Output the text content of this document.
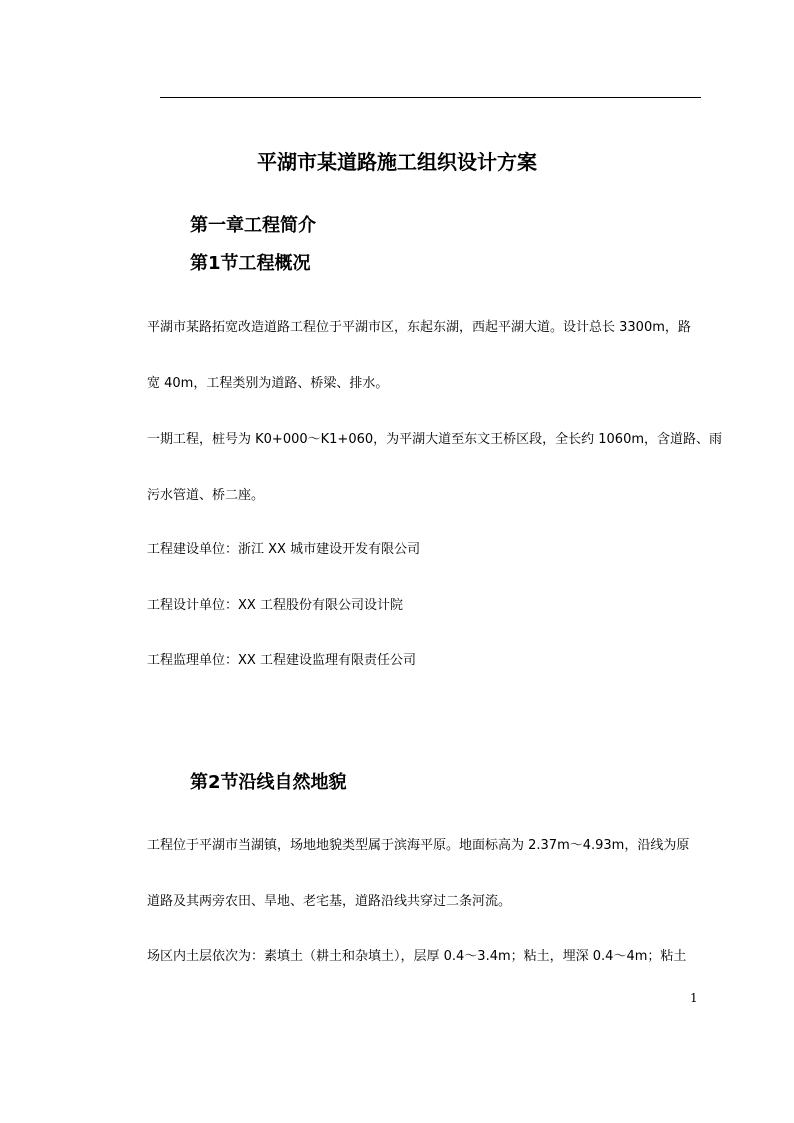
平湖市某道路施工组织设计方案
第一章工程简介
第1节工程概况
平湖市某路拓宽改造道路工程位于平湖市区，东起东湖，西起平湖大道。设计总长 3300m，路
宽 40m，工程类别为道路、桥梁、排水。
一期工程，桩号为 K0+000～K1+060，为平湖大道至东文王桥区段，全长约 1060m，含道路、雨
污水管道、桥二座。
工程建设单位：浙江 XX 城市建设开发有限公司
工程设计单位：XX 工程股份有限公司设计院
工程监理单位：XX 工程建设监理有限责任公司
第2节沿线自然地貌
工程位于平湖市当湖镇，场地地貌类型属于滨海平原。地面标高为 2.37m～4.93m，沿线为原
道路及其两旁农田、旱地、老宅基，道路沿线共穿过二条河流。
场区内土层依次为：素填土（耕土和杂填土），层厚 0.4～3.4m；粘土，埋深 0.4～4m；粘土
1
